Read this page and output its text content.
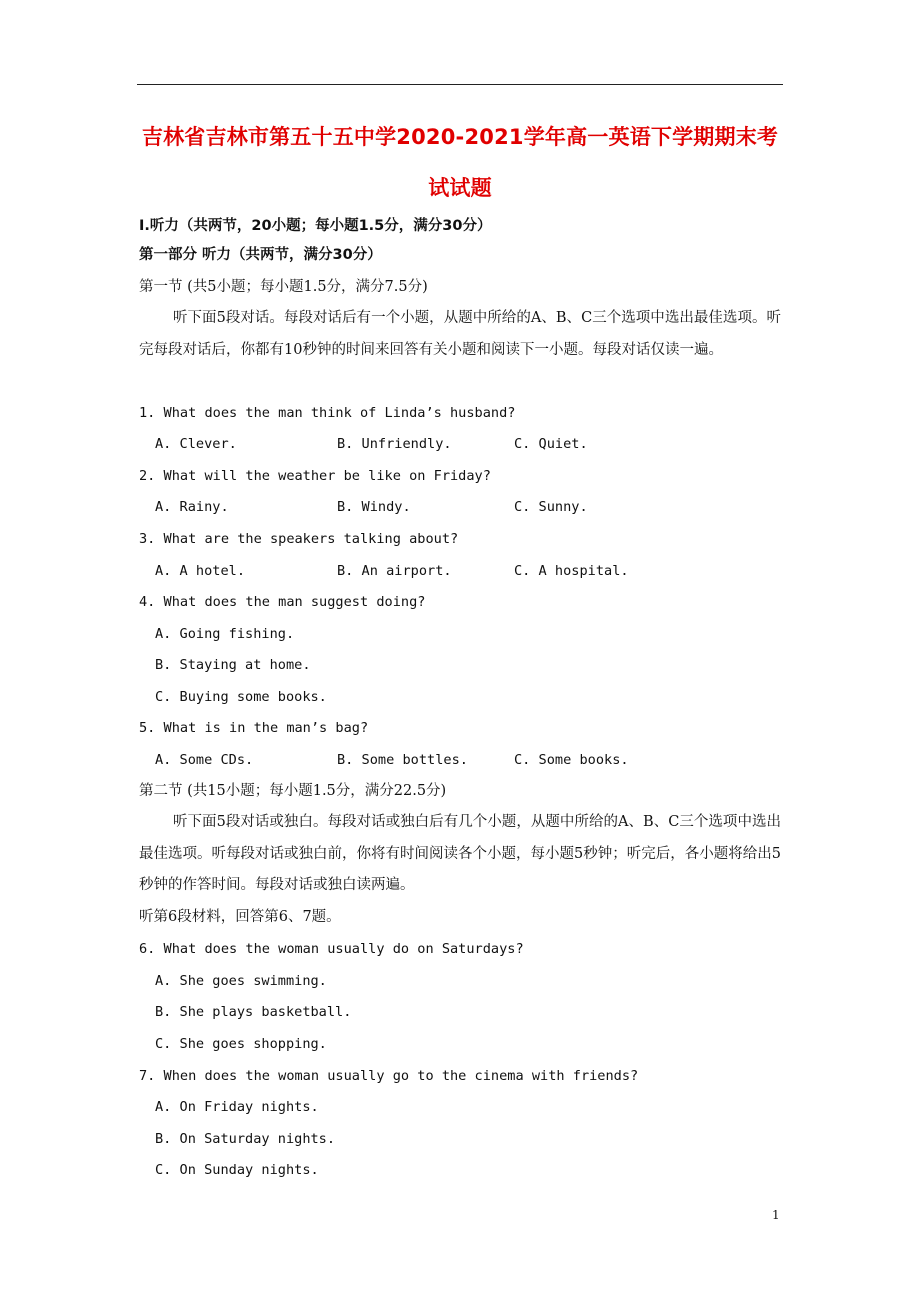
吉林省吉林市第五十五中学2020-2021学年高一英语下学期期末考
试试题
I.听力（共两节，20小题；每小题1.5分，满分30分）
第一部分 听力（共两节，满分30分）
第一节 (共5小题；每小题1.5分，满分7.5分)
听下面5段对话。每段对话后有一个小题，从题中所给的A、B、C三个选项中选出最佳选项。听完每段对话后，你都有10秒钟的时间来回答有关小题和阅读下一小题。每段对话仅读一遍。
1. What does the man think of Linda’s husband?
A. Clever.	B. Unfriendly.	C. Quiet.
2. What will the weather be like on Friday?
A. Rainy.	B. Windy.	C. Sunny.
3. What are the speakers talking about?
A. A hotel.	B. An airport.	C. A hospital.
4. What does the man suggest doing?
A. Going fishing.
B. Staying at home.
C. Buying some books.
5. What is in the man’s bag?
A. Some CDs.	B. Some bottles.	C. Some books.
第二节 (共15小题；每小题1.5分，满分22.5分)
听下面5段对话或独白。每段对话或独白后有几个小题，从题中所给的A、B、C三个选项中选出最佳选项。听每段对话或独白前，你将有时间阅读各个小题，每小题5秒钟；听完后，各小题将给出5秒钟的作答时间。每段对话或独白读两遍。
听第6段材料，回答第6、7题。
6. What does the woman usually do on Saturdays?
A. She goes swimming.
B. She plays basketball.
C. She goes shopping.
7. When does the woman usually go to the cinema with friends?
A. On Friday nights.
B. On Saturday nights.
C. On Sunday nights.
1
